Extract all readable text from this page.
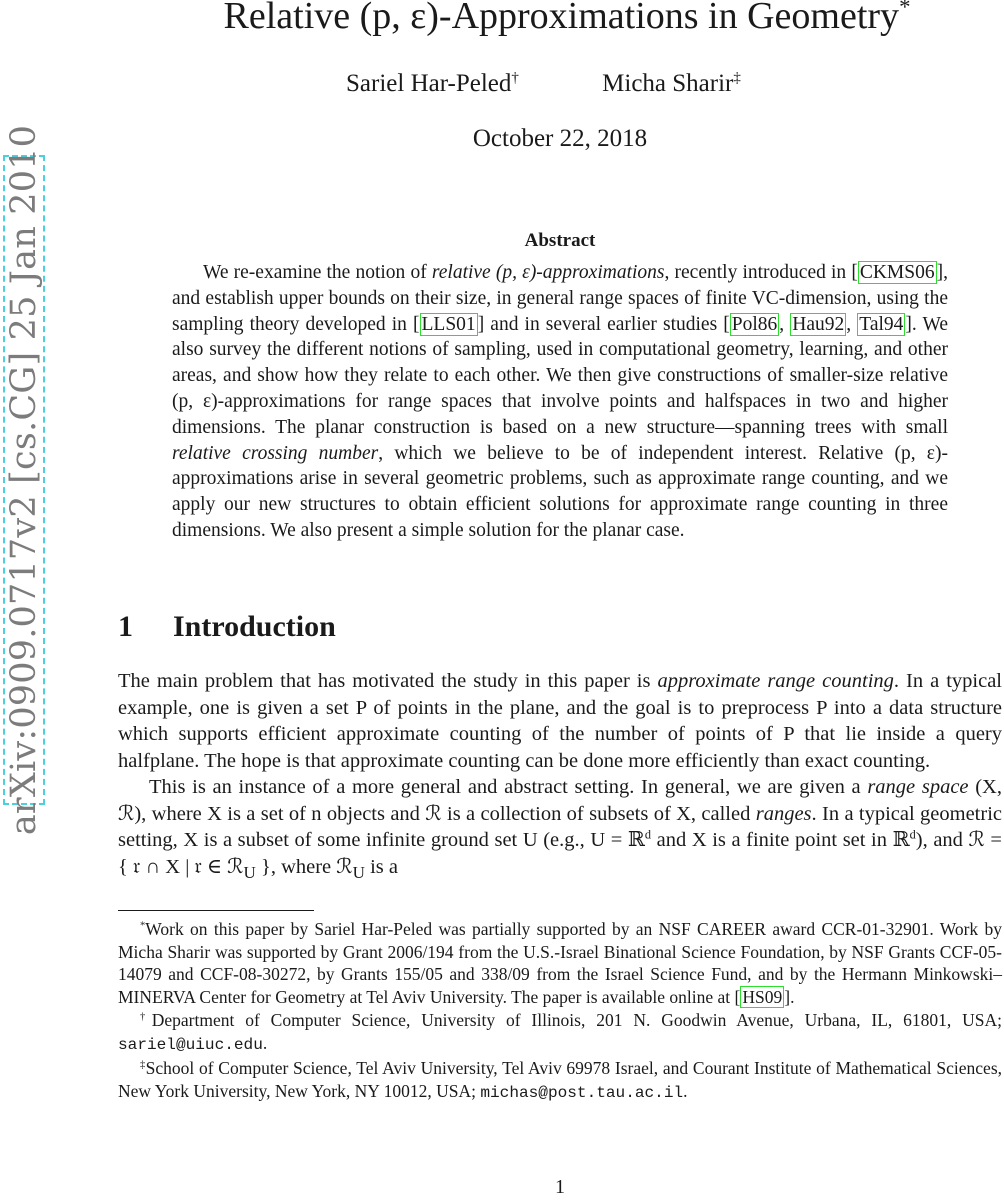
arXiv:0909.0717v2 [cs.CG] 25 Jan 2010
Relative (p, ε)-Approximations in Geometry*
Sariel Har-Peled†	Micha Sharir‡
October 22, 2018
Abstract

We re-examine the notion of relative (p, ε)-approximations, recently introduced in [ CKMS06 ], and establish upper bounds on their size, in general range spaces of finite VC-dimension, using the sampling theory developed in [ LLS01 ] and in several earlier studies [ Pol86 , Hau92 , Tal94 ]. We also survey the different notions of sampling, used in computational geometry, learning, and other areas, and show how they relate to each other. We then give constructions of smaller-size relative (p, ε)-approximations for range spaces that involve points and halfspaces in two and higher dimensions. The planar construction is based on a new structure—spanning trees with small relative crossing number, which we believe to be of independent interest. Relative (p, ε)-approximations arise in several geometric problems, such as approximate range counting, and we apply our new structures to obtain efficient solutions for approximate range counting in three dimensions. We also present a simple solution for the planar case.

1 Introduction

The main problem that has motivated the study in this paper is approximate range counting. In a typical example, one is given a set P of points in the plane, and the goal is to preprocess P into a data structure which supports efficient approximate counting of the number of points of P that lie inside a query halfplane. The hope is that approximate counting can be done more efficiently than exact counting.

This is an instance of a more general and abstract setting. In general, we are given a range space (X, ℛ), where X is a set of n objects and ℛ is a collection of subsets of X, called ranges. In a typical geometric setting, X is a subset of some infinite ground set U (e.g., U = ℝ$^d$ and X is a finite point set in ℝ$^d$), and ℛ = { 𝔯 ∩ X | 𝔯 ∈ ℛ$_U$ }, where ℛ$_U$ is a

*Work on this paper by Sariel Har-Peled was partially supported by an NSF CAREER award CCR-01-32901. Work by Micha Sharir was supported by Grant 2006/194 from the U.S.-Israel Binational Science Foundation, by NSF Grants CCF-05-14079 and CCF-08-30272, by Grants 155/05 and 338/09 from the Israel Science Fund, and by the Hermann Minkowski–MINERVA Center for Geometry at Tel Aviv University. The paper is available online at [ HS09 ].

†Department of Computer Science, University of Illinois, 201 N. Goodwin Avenue, Urbana, IL, 61801, USA; sariel@uiuc.edu.

‡School of Computer Science, Tel Aviv University, Tel Aviv 69978 Israel, and Courant Institute of Mathematical Sciences, New York University, New York, NY 10012, USA; michas@post.tau.ac.il.

1
